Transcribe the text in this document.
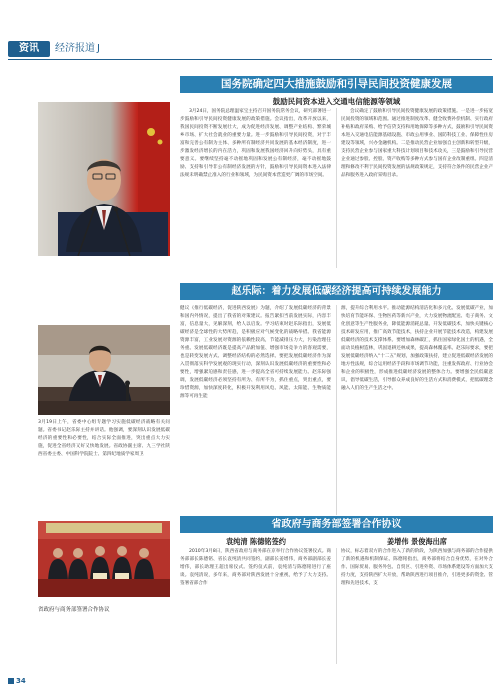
资讯	经济报道 J
国务院确定四大措施鼓励和引导民间投资健康发展
鼓励民间资本进入交通电信能源等领域

3月24日，国务院总理温家宝主持召开国务院常务会议，研究部署进一步鼓励和引导民间投资健康发展的政策措施。会议指出，改革开放以来，我国民间投资不断发展壮大，成为促进经济发展、调整产业结构、繁荣城乡市场、扩大社会就业的重要力量。进一步鼓励和引导民间投资，对于丰富和完善公有制为主体、多种所有制经济共同发展的基本经济制度，进一步激发经济增长的内在活力，巩固和发展我国经济回升向好势头，具有重要意义。要继续坚持毫不动摇地巩固和发展公有制经济，毫不动摇地鼓励、支持和引导非公有制经济发展的方针，鼓励和引导民间资本进入法律法规未明确禁止准入的行业和领域，为民间资本营造更广阔的市场空间。

会议确定了鼓励和引导民间投资健康发展的政策措施。一是进一步拓宽民间投资的领域和范围。通过推进制度改革、健全收费补偿机制、实行政府补贴和政府采购、给予信贷支持和用地保障等多种方式，鼓励和引导民间资本进入交通电信能源基础设施、市政公用事业、国防科技工业、保障性住房建设等领域，兴办金融机构。二是推动民营企业加强自主创新和转型升级，支持民营企业参与国家重大科技计划项目和技术攻关，三是鼓励和引导民营企业通过参股、控股、资产收购等多种方式参与国有企业改制重组。四是清理和修改不利于民间投资发展的法规政策规定，支持符合条件的民营企业产品和服务进入政府采购目录。

赵乐际：着力发展低碳经济提高可持续发展能力

3月19日上午，省委中心组专题学习实施低碳经济战略有关问题。省委书记赵乐际主持并讲话。他强调，要深刻认识发展低碳经济的重要性和必要性，结合实际全面推进，突出重点大力实施，促进全省经济又好又快地发展。省政协副主席、九三学社陕西省委主委、中国科学院院士、第四纪地质学家周卫

健议《推行低碳经济，促进陕西发展》为题，介绍了发展低碳经济的背景和国内外情况，提出了我省的对策建议。报告紧扣当前发展实际，内容丰富，信息量大，见解深刻，给人以启发。学习结束时赵乐际指出，发展低碳经济是全球性的大势所趋，是积极应对气候变化的战略举措。我省能源资源丰富，工业发展对资源的依赖性较高，节能减排压力大，污染治理任务重。发展低碳经济既是提高产品附加值、增强市场竞争力的客观需要，也是转变发展方式、调整经济结构的必然选择。要把发展低碳经济作为深入贯彻落实科学发展观的现实行动，深刻认识发展低碳经济的重要性和必要性，增强紧迫感和责任感，进一步提高全省可持续发展能力。赵乐际强调，发展低碳经济必须坚持有所为、有所不为，抓住重点，突出重点，要珍惜资源，加快深度转化，积极开发利用风电、风能、太阳能、生物质能源等可再生能

源，提升综合利用水平。推动能源结构清洁化和多元化。发展低碳产业，加快培育节能环保、生物医药等新兴产业，大力发展物流配送、电子商务、文化创意等生产性服务业，降低能源消耗总量。开发低碳技术，加快关键核心技术研发应用，推广高效节能技术，扶持企业开展节能技术改造，构建发展低碳经济的技术支撑体系。要增加森林碳汇，抓住国家绿化国土的机遇，全面动员植树造林，巩固退耕还林成果，提高森林覆盖率。赵乐际要求，要把发展低碳经济纳入“十二五”规划，加强政策扶持，建立促进低碳经济发展的地方性法规，综合运用经济手段和市场调节功能，注重发挥政府、行业协会和企业的积极性，形成推进低碳经济发展的整体合力。要增强全民低碳意识，倡导低碳生活，引导群众养成良好的生活方式和消费模式，把低碳理念融入人们的生产生活之中。

省政府与商务部签署合作协议
袁纯清 陈德铭签约	姜增伟 景俊海出席
省政府与商务部签署合作协议

2010年3月8日，陕西省政府与商务部在京举行合作协议签署仪式。商务部部长陈德铭、省长袁纯清共同签约，副部长姜增伟，商务部副部长姜增伟，部长助理王超出席仪式。签约仪式前，袁纯清与陈德铭进行了座谈。袁纯清说，多年来，商务部对陕西发展十分重视，给予了大力支持。签署省部合作

协议，标志着双方的合作进入了新的阶段，为陕西加强与商务部的合作提供了新的机遇和机制保证。陈德铭指出，商务部将结合自身优势，在对外合作、国际贸易、服务外包、自贸区、引进外资、市场体系建设等方面加大支持力度，支持陕西扩大开放，帮助陕西进行项目推介，引进更多的资金、管理和先进技术，支

34
